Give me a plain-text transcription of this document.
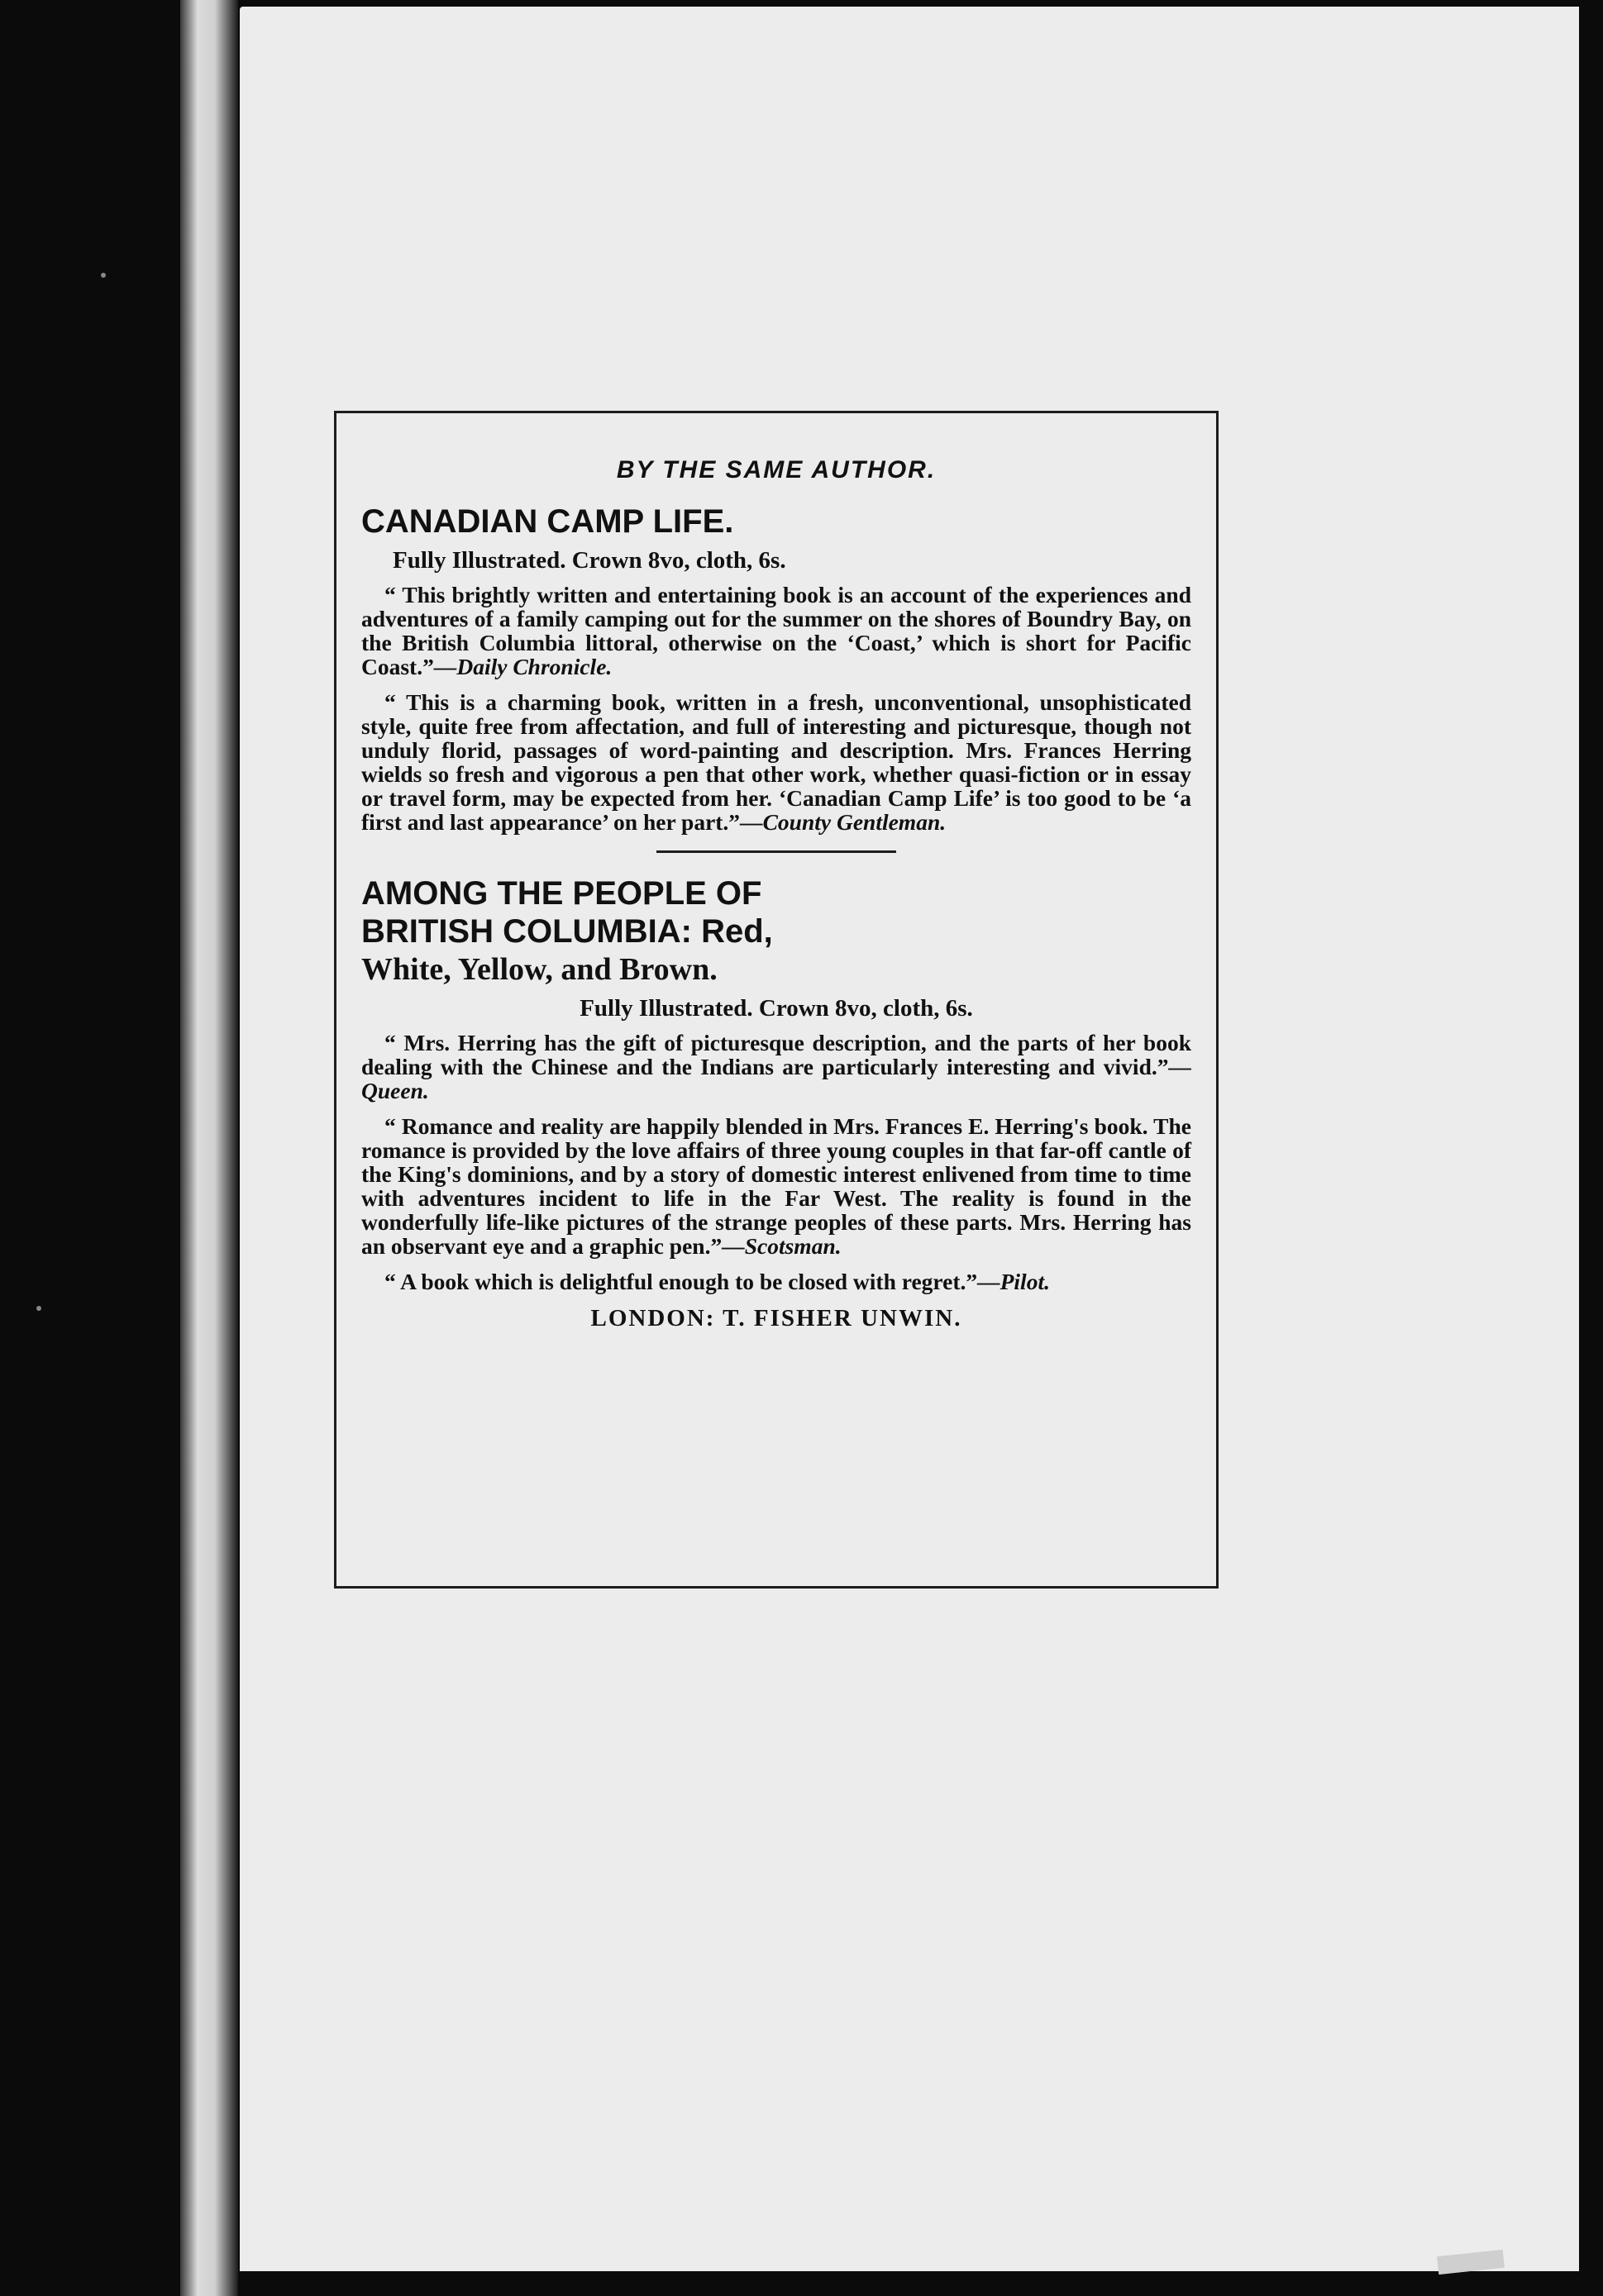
BY THE SAME AUTHOR.
CANADIAN CAMP LIFE.
Fully Illustrated. Crown 8vo, cloth, 6s.

“ This brightly written and entertaining book is an account of the experiences and adventures of a family camping out for the summer on the shores of Boundry Bay, on the British Columbia littoral, otherwise on the ‘Coast,’ which is short for Pacific Coast.”—Daily Chronicle.

“ This is a charming book, written in a fresh, unconventional, unsophisticated style, quite free from affectation, and full of interesting and picturesque, though not unduly florid, passages of word-painting and description. Mrs. Frances Herring wields so fresh and vigorous a pen that other work, whether quasi-fiction or in essay or travel form, may be expected from her. ‘Canadian Camp Life’ is too good to be ‘a first and last appearance’ on her part.”—County Gentleman.

AMONG THE PEOPLE OF
BRITISH COLUMBIA: Red,
White, Yellow, and Brown.
Fully Illustrated. Crown 8vo, cloth, 6s.

“ Mrs. Herring has the gift of picturesque description, and the parts of her book dealing with the Chinese and the Indians are particularly interesting and vivid.”—Queen.

“ Romance and reality are happily blended in Mrs. Frances E. Herring's book. The romance is provided by the love affairs of three young couples in that far-off cantle of the King's dominions, and by a story of domestic interest enlivened from time to time with adventures incident to life in the Far West. The reality is found in the wonderfully life-like pictures of the strange peoples of these parts. Mrs. Herring has an observant eye and a graphic pen.”—Scotsman.

“ A book which is delightful enough to be closed with regret.”—Pilot.

LONDON: T. FISHER UNWIN.
